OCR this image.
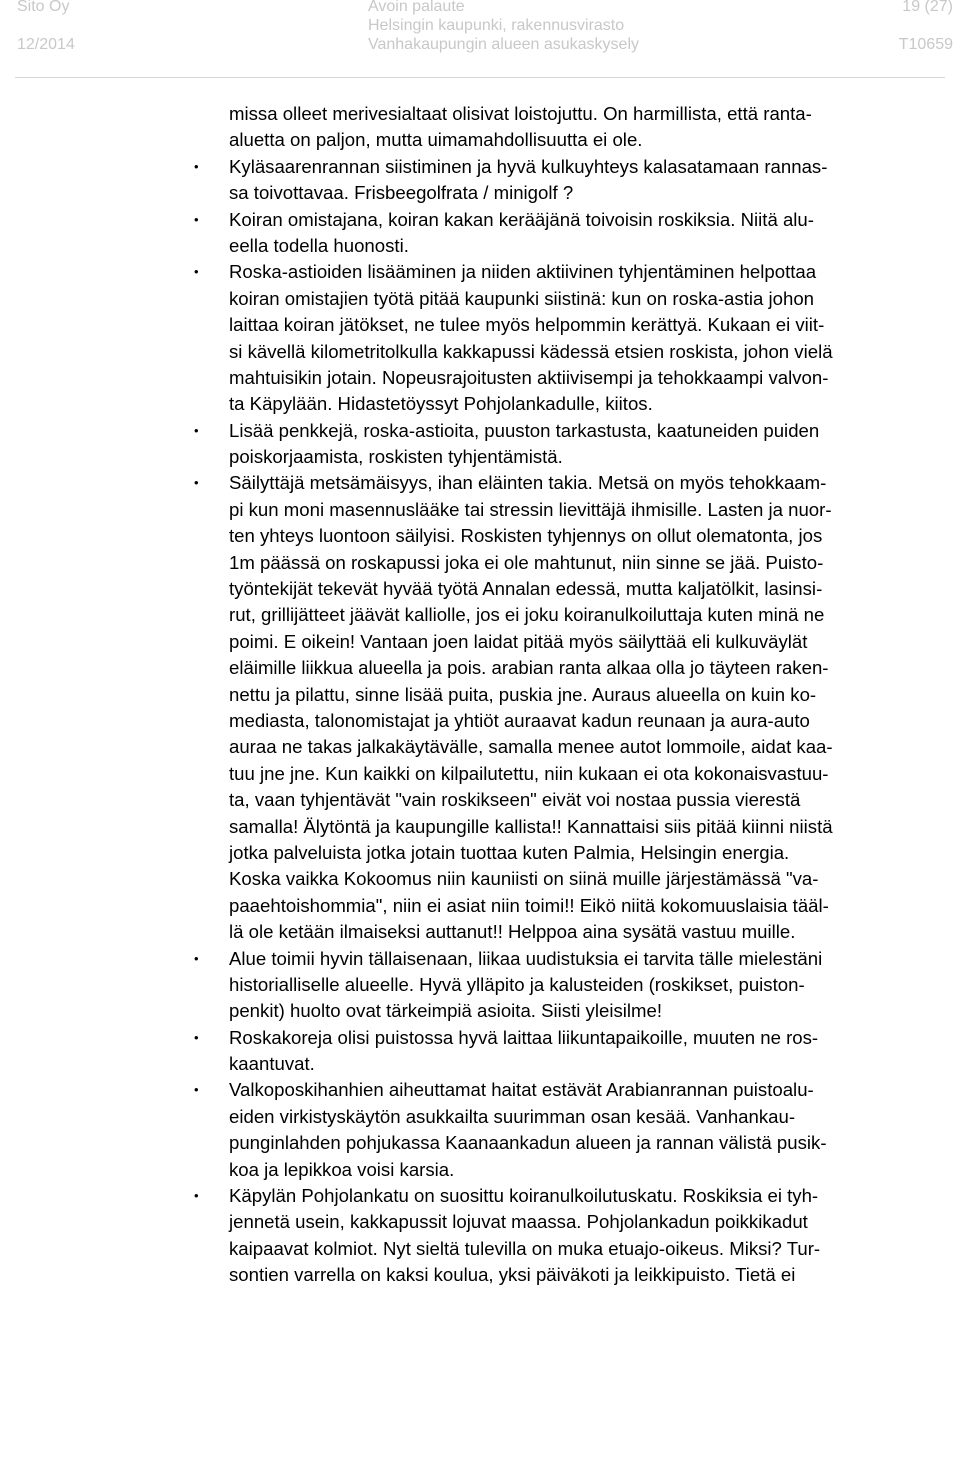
Sito Oy
12/2014
Avoin palaute
Helsingin kaupunki, rakennusvirasto
Vanhakaupungin alueen asukaskysely
19 (27)
T10659
missa olleet merivesialtaat olisivat loistojuttu. On harmillista, että ranta-
aluetta on paljon, mutta uimamahdollisuutta ei ole.
• Kyläsaarenrannan siistiminen ja hyvä kulkuyhteys kalasatamaan rannas-
sa toivottavaa. Frisbeegolfrata / minigolf ?
• Koiran omistajana, koiran kakan kerääjänä toivoisin roskiksia. Niitä alu-
eella todella huonosti.
• Roska-astioiden lisääminen ja niiden aktiivinen tyhjentäminen helpottaa
koiran omistajien työtä pitää kaupunki siistinä: kun on roska-astia johon
laittaa koiran jätökset, ne tulee myös helpommin kerättyä. Kukaan ei viit-
si kävellä kilometritolkulla kakkapussi kädessä etsien roskista, johon vielä
mahtuisikin jotain. Nopeusrajoitusten aktiivisempi ja tehokkaampi valvon-
ta Käpylään. Hidastetöyssyt Pohjolankadulle, kiitos.
• Lisää penkkejä, roska-astioita, puuston tarkastusta, kaatuneiden puiden
poiskorjaamista, roskisten tyhjentämistä.
• Säilyttäjä metsämäisyys, ihan eläinten takia. Metsä on myös tehokkaam-
pi kun moni masennuslääke tai stressin lievittäjä ihmisille. Lasten ja nuor-
ten yhteys luontoon säilyisi. Roskisten tyhjennys on ollut olematonta, jos
1m päässä on roskapussi joka ei ole mahtunut, niin sinne se jää. Puisto-
työntekijät tekevät hyvää työtä Annalan edessä, mutta kaljatölkit, lasinsi-
rut, grillijätteet jäävät kalliolle, jos ei joku koiranulkoiluttaja kuten minä ne
poimi. E oikein! Vantaan joen laidat pitää myös säilyttää eli kulkuväylät
eläimille liikkua alueella ja pois. arabian ranta alkaa olla jo täyteen raken-
nettu ja pilattu, sinne lisää puita, puskia jne. Auraus alueella on kuin ko-
mediasta, talonomistajat ja yhtiöt auraavat kadun reunaan ja aura-auto
auraa ne takas jalkakäytävälle, samalla menee autot lommoile, aidat kaa-
tuu jne jne. Kun kaikki on kilpailutettu, niin kukaan ei ota kokonaisvastuu-
ta, vaan tyhjentävät "vain roskikseen" eivät voi nostaa pussia vierestä
samalla! Älytöntä ja kaupungille kallista!! Kannattaisi siis pitää kiinni niistä
jotka palveluista jotka jotain tuottaa kuten Palmia, Helsingin energia.
Koska vaikka Kokoomus niin kauniisti on siinä muille järjestämässä "va-
paaehtoishommia", niin ei asiat niin toimi!! Eikö niitä kokomuuslaisia tääl-
lä ole ketään ilmaiseksi auttanut!! Helppoa aina sysätä vastuu muille.
• Alue toimii hyvin tällaisenaan, liikaa uudistuksia ei tarvita tälle mielestäni
historialliselle alueelle. Hyvä ylläpito ja kalusteiden (roskikset, puiston-
penkit) huolto ovat tärkeimpiä asioita. Siisti yleisilme!
• Roskakoreja olisi puistossa hyvä laittaa liikuntapaikoille, muuten ne ros-
kaantuvat.
• Valkoposkihanhien aiheuttamat haitat estävät Arabianrannan puistoalu-
eiden virkistyskäytön asukkailta suurimman osan kesää. Vanhankau-
punginlahden pohjukassa Kaanaankadun alueen ja rannan välistä pusik-
koa ja lepikkoa voisi karsia.
• Käpylän Pohjolankatu on suosittu koiranulkoilutuskatu. Roskiksia ei tyh-
jennetä usein, kakkapussit lojuvat maassa. Pohjolankadun poikkikadut
kaipaavat kolmiot. Nyt sieltä tulevilla on muka etuajo-oikeus. Miksi? Tur-
sontien varrella on kaksi koulua, yksi päiväkoti ja leikkipuisto. Tietä ei
